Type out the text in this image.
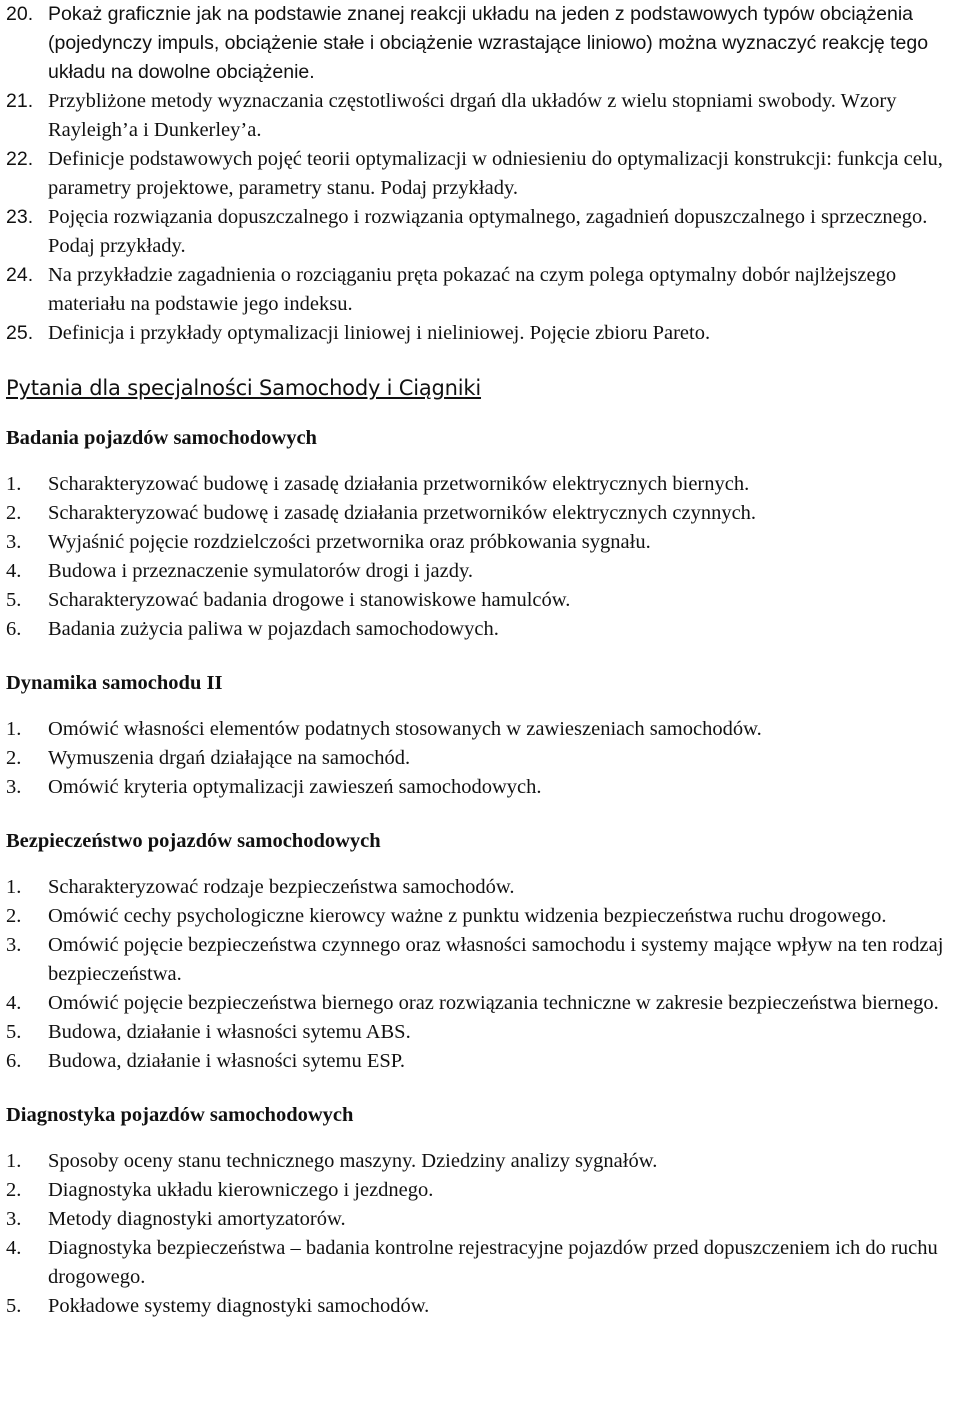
20. Pokaż graficznie jak na podstawie znanej reakcji układu na jeden z podstawowych typów obciążenia (pojedynczy impuls, obciążenie stałe i obciążenie wzrastające liniowo) można wyznaczyć reakcję tego układu na dowolne obciążenie.
21. Przybliżone metody wyznaczania częstotliwości drgań dla układów z wielu stopniami swobody. Wzory Rayleigh’a i Dunkerley’a.
22. Definicje podstawowych pojęć teorii optymalizacji w odniesieniu do optymalizacji konstrukcji: funkcja celu, parametry projektowe, parametry stanu. Podaj przykłady.
23. Pojęcia rozwiązania dopuszczalnego i rozwiązania optymalnego, zagadnień dopuszczalnego i sprzecznego. Podaj przykłady.
24. Na przykładzie zagadnienia o rozciąganiu pręta pokazać na czym polega optymalny dobór najlżejszego materiału na podstawie jego indeksu.
25. Definicja i przykłady optymalizacji liniowej i nieliniowej. Pojęcie zbioru Pareto.
Pytania dla specjalności Samochody i Ciągniki
Badania pojazdów samochodowych
1. Scharakteryzować budowę i zasadę działania przetworników elektrycznych biernych.
2. Scharakteryzować budowę i zasadę działania przetworników elektrycznych czynnych.
3. Wyjaśnić pojęcie rozdzielczości przetwornika oraz próbkowania sygnału.
4. Budowa i przeznaczenie symulatorów drogi i jazdy.
5. Scharakteryzować badania drogowe i stanowiskowe hamulców.
6. Badania zużycia paliwa w pojazdach samochodowych.
Dynamika samochodu II
1. Omówić własności elementów podatnych stosowanych w zawieszeniach samochodów.
2. Wymuszenia drgań działające na samochód.
3. Omówić kryteria optymalizacji zawieszeń samochodowych.
Bezpieczeństwo pojazdów samochodowych
1. Scharakteryzować rodzaje bezpieczeństwa samochodów.
2. Omówić cechy psychologiczne kierowcy ważne z punktu widzenia bezpieczeństwa ruchu drogowego.
3. Omówić pojęcie bezpieczeństwa czynnego oraz własności samochodu i systemy mające wpływ na ten rodzaj bezpieczeństwa.
4. Omówić pojęcie bezpieczeństwa biernego oraz rozwiązania techniczne w zakresie bezpieczeństwa biernego.
5. Budowa, działanie i własności sytemu ABS.
6. Budowa, działanie i własności sytemu ESP.
Diagnostyka pojazdów samochodowych
1. Sposoby oceny stanu technicznego maszyny. Dziedziny analizy sygnałów.
2. Diagnostyka układu kierowniczego i jezdnego.
3. Metody diagnostyki amortyzatorów.
4. Diagnostyka bezpieczeństwa – badania kontrolne rejestracyjne pojazdów przed dopuszczeniem ich do ruchu drogowego.
5. Pokładowe systemy diagnostyki samochodów.
